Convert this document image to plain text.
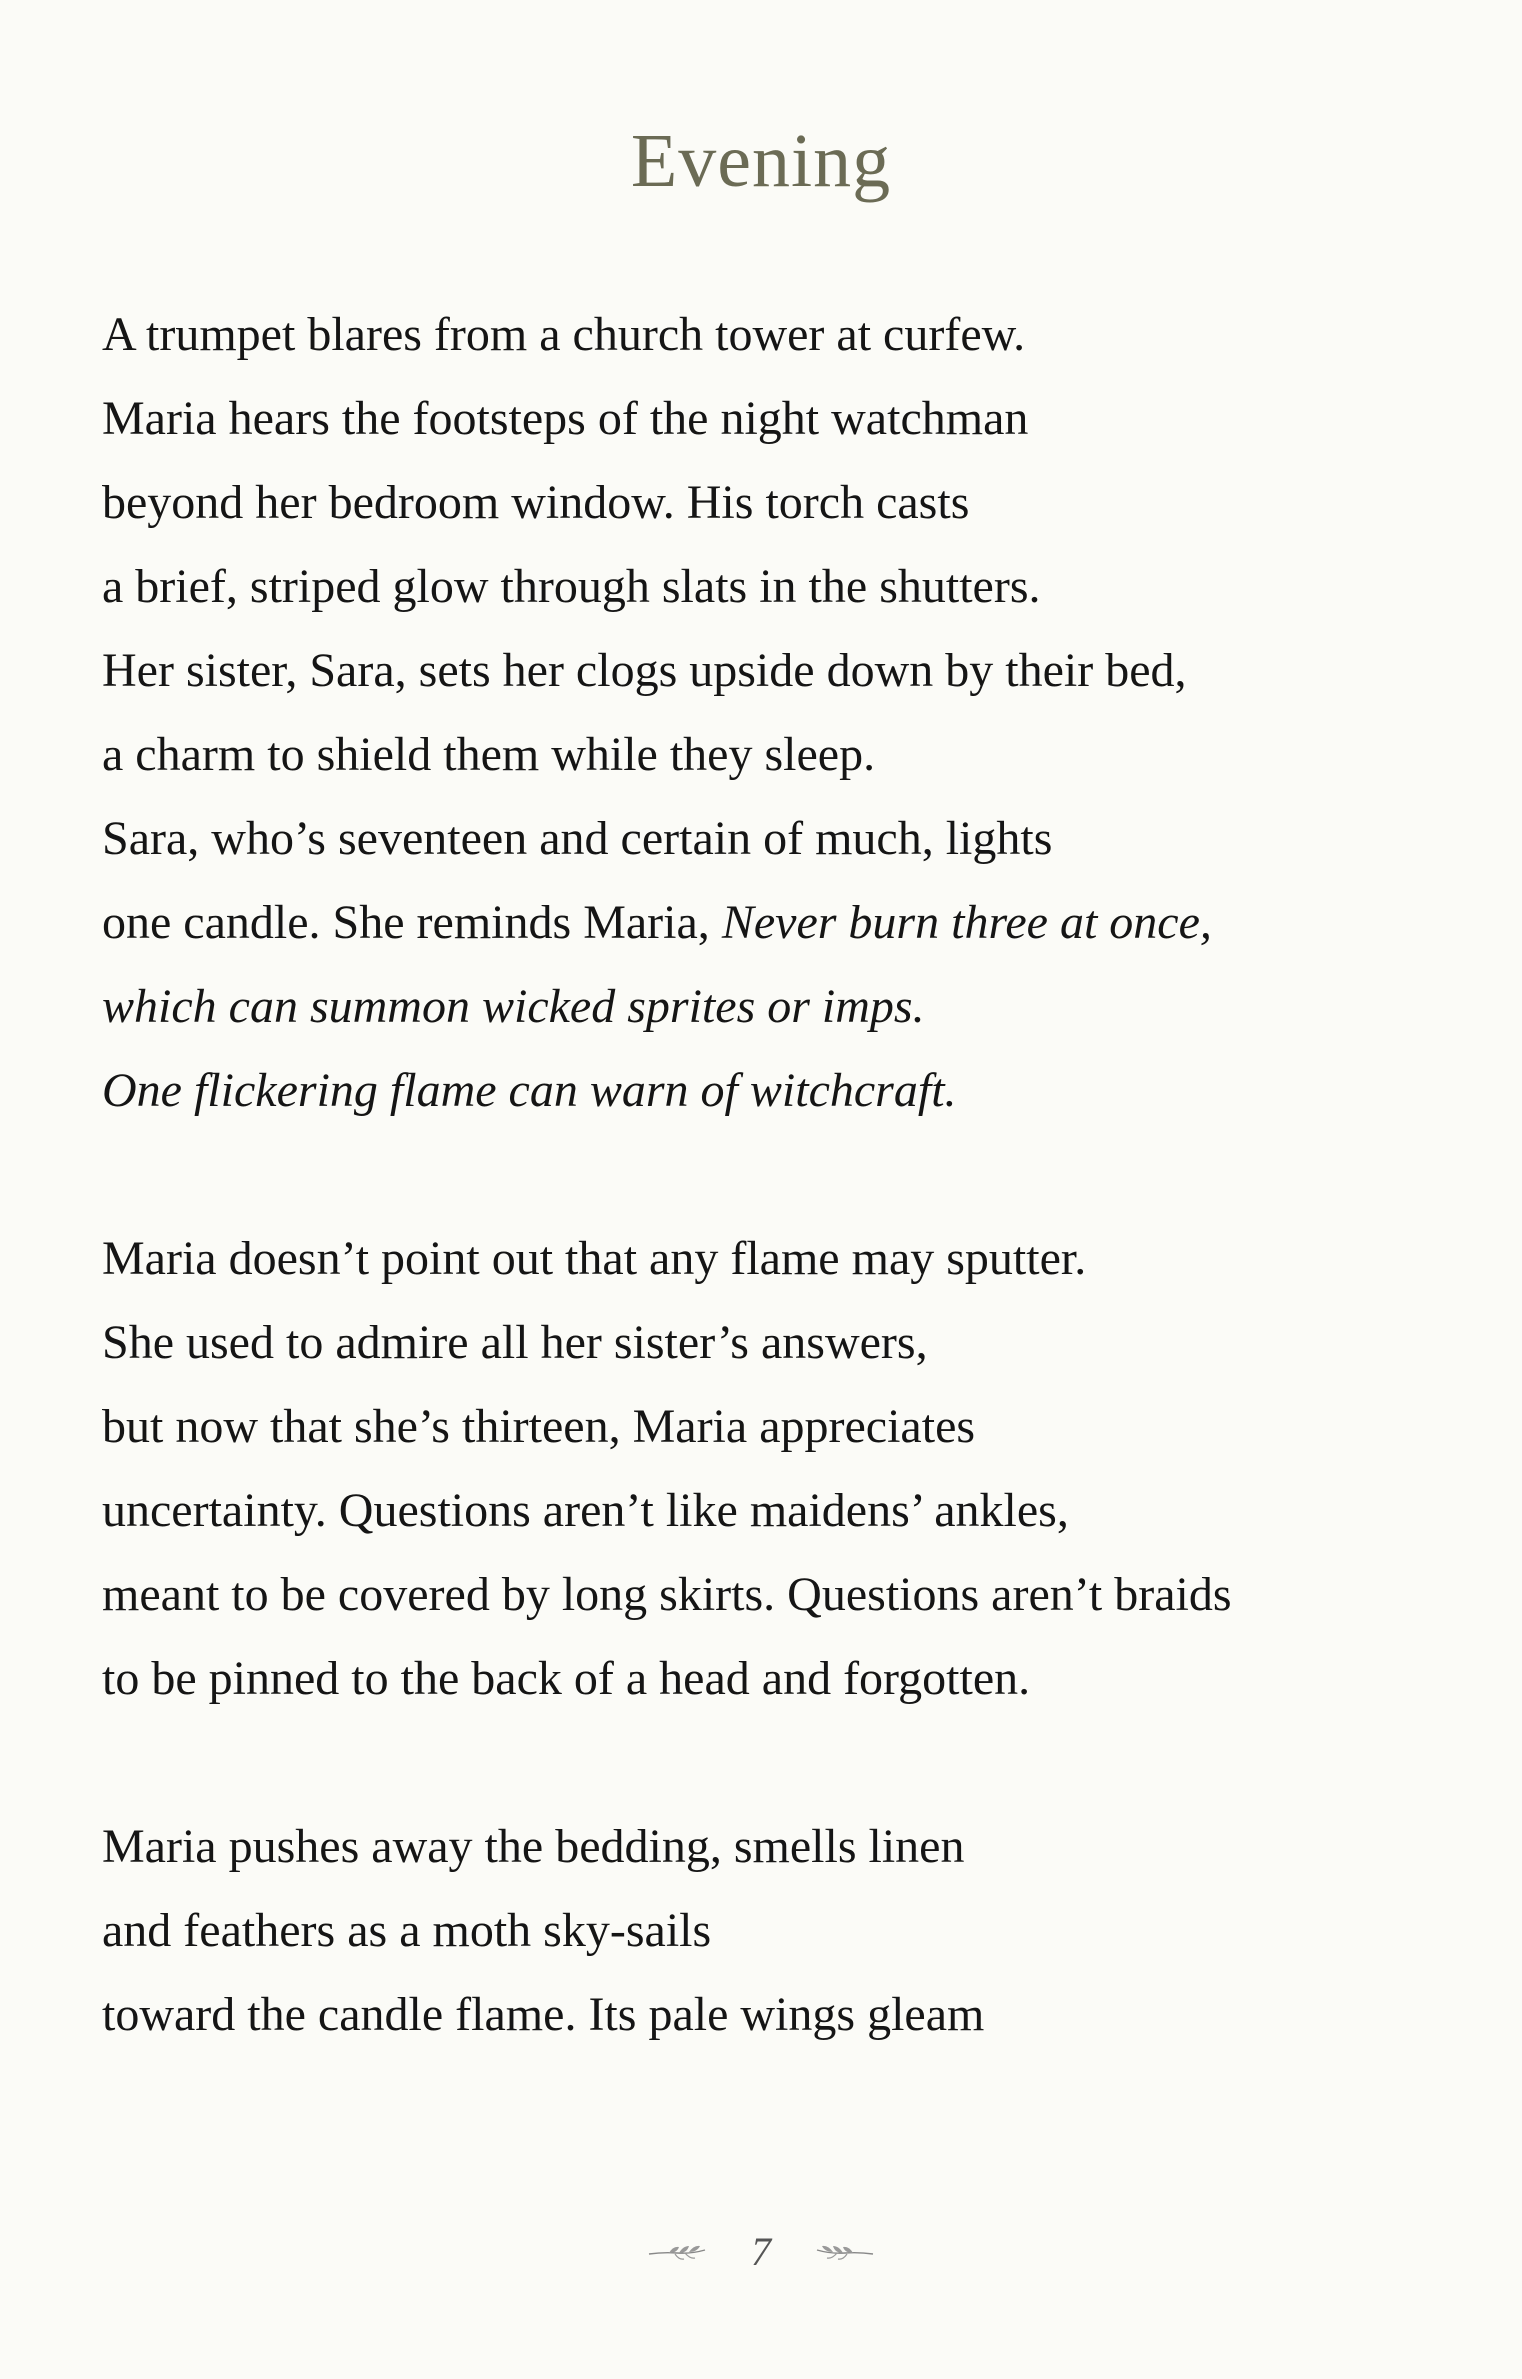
Evening

A trumpet blares from a church tower at curfew.

Maria hears the footsteps of the night watchman

beyond her bedroom window. His torch casts

a brief, striped glow through slats in the shutters.

Her sister, Sara, sets her clogs upside down by their bed,

a charm to shield them while they sleep.

Sara, who’s seventeen and certain of much, lights

one candle. She reminds Maria, Never burn three at once,

which can summon wicked sprites or imps.

One flickering flame can warn of witchcraft.

Maria doesn’t point out that any flame may sputter.

She used to admire all her sister’s answers,

but now that she’s thirteen, Maria appreciates

uncertainty. Questions aren’t like maidens’ ankles,

meant to be covered by long skirts. Questions aren’t braids

to be pinned to the back of a head and forgotten.

Maria pushes away the bedding, smells linen

and feathers as a moth sky-sails

toward the candle flame. Its pale wings gleam

7
